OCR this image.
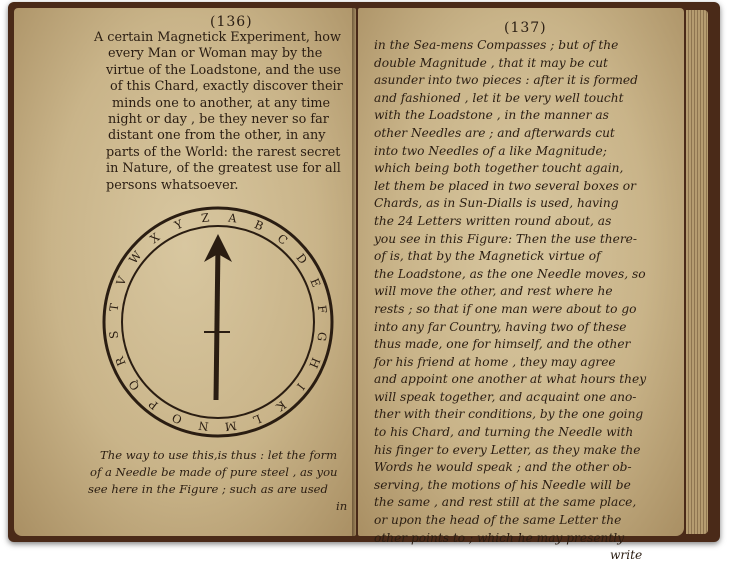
(136)
A certain Magnetick Experiment, how
every Man or Woman may by the
virtue of the Loadstone, and the use
of this Chard, exactly discover their
minds one to another, at any time
night or day , be they never so far
distant one from the other, in any
parts of the World: the rarest secret
in Nature, of the greatest use for all
persons whatsoever.
A B
C
D
E
F
G
H
I
K
L
M
N
O
P
Q
R
S
T
V
W
X
Y Z
The way to use this,is thus : let the form
of a Needle be made of pure steel , as you
see here in the Figure ; such as are used
in
(137)
in the Sea-mens Compasses ; but of the
double Magnitude , that it may be cut
asunder into two pieces : after it is formed
and fashioned , let it be very well toucht
with the Loadstone , in the manner as
other Needles are ; and afterwards cut
into two Needles of a like Magnitude;
which being both together toucht again,
let them be placed in two several boxes or
Chards, as in Sun-Dialls is used, having
the 24 Letters written round about, as
you see in this Figure: Then the use there-
of is, that by the Magnetick virtue of
the Loadstone, as the one Needle moves, so
will move the other, and rest where he
rests ; so that if one man were about to go
into any far Country, having two of these
thus made, one for himself, and the other
for his friend at home , they may agree
and appoint one another at what hours they
will speak together, and acquaint one ano-
ther with their conditions, by the one going
to his Chard, and turning the Needle with
his finger to every Letter, as they make the
Words he would speak ; and the other ob-
serving, the motions of his Needle will be
the same , and rest still at the same place,
or upon the head of the same Letter the
other points to ; which he may presently
write
